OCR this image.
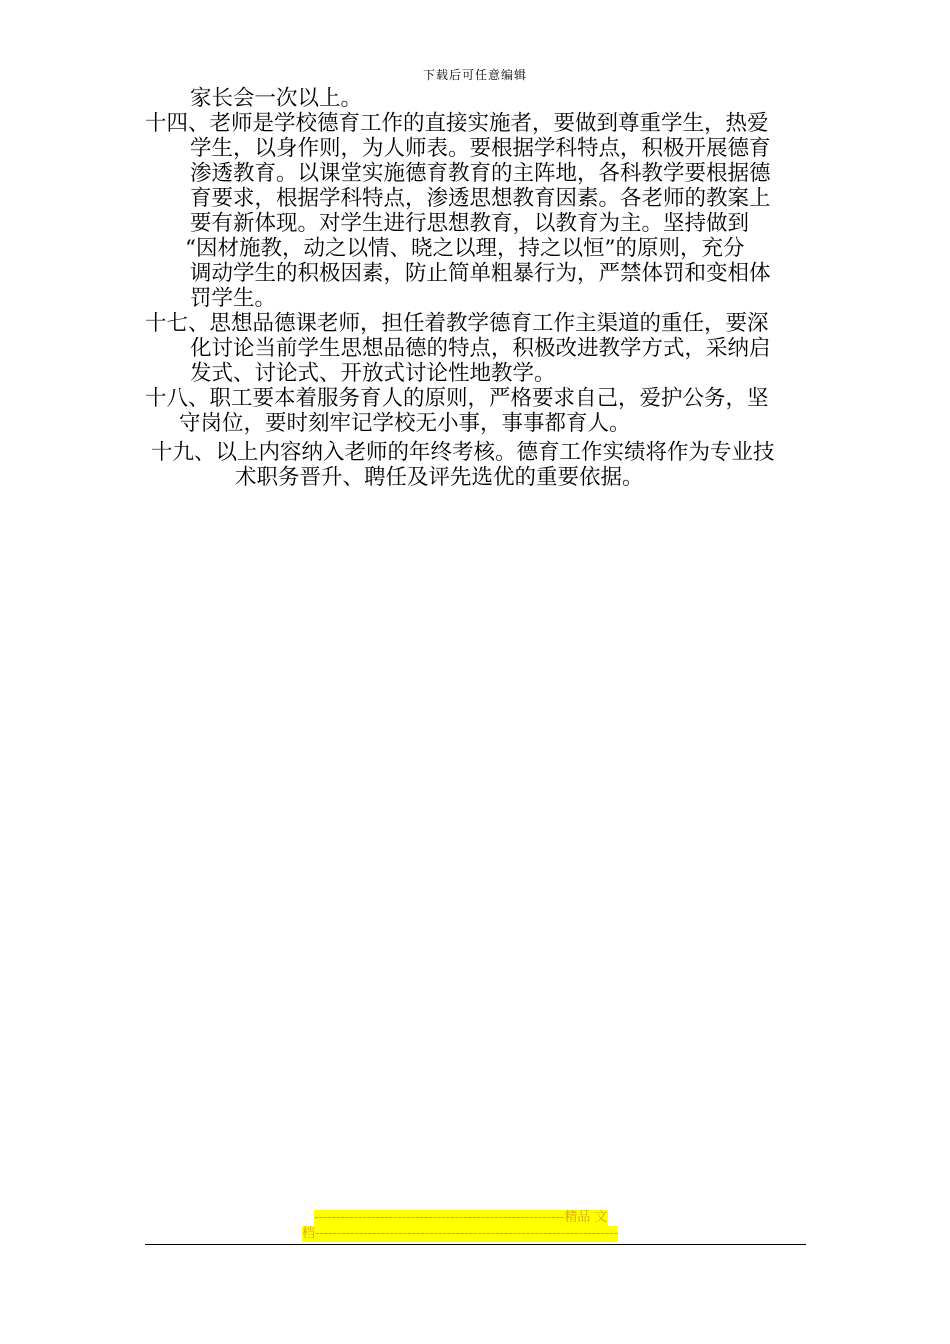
下载后可任意编辑

家长会一次以上。

十四、老师是学校德育工作的直接实施者，要做到尊重学生，热爱

学生，以身作则，为人师表。要根据学科特点，积极开展德育

渗透教育。以课堂实施德育教育的主阵地，各科教学要根据德

育要求，根据学科特点，渗透思想教育因素。各老师的教案上

要有新体现。对学生进行思想教育，以教育为主。坚持做到

“因材施教，动之以情、晓之以理，持之以恒”的原则，充分

调动学生的积极因素，防止简单粗暴行为，严禁体罚和变相体

罚学生。

十七、思想品德课老师，担任着教学德育工作主渠道的重任，要深

化讨论当前学生思想品德的特点，积极改进教学方式，采纳启

发式、讨论式、开放式讨论性地教学。

十八、职工要本着服务育人的原则，严格要求自己，爱护公务，坚

守岗位，要时刻牢记学校无小事，事事都育人。

十九、以上内容纳入老师的年终考核。德育工作实绩将作为专业技

术职务晋升、聘任及评先选优的重要依据。

---------------------------------------------------------精品 文
档---------------------------------------------------------------------
